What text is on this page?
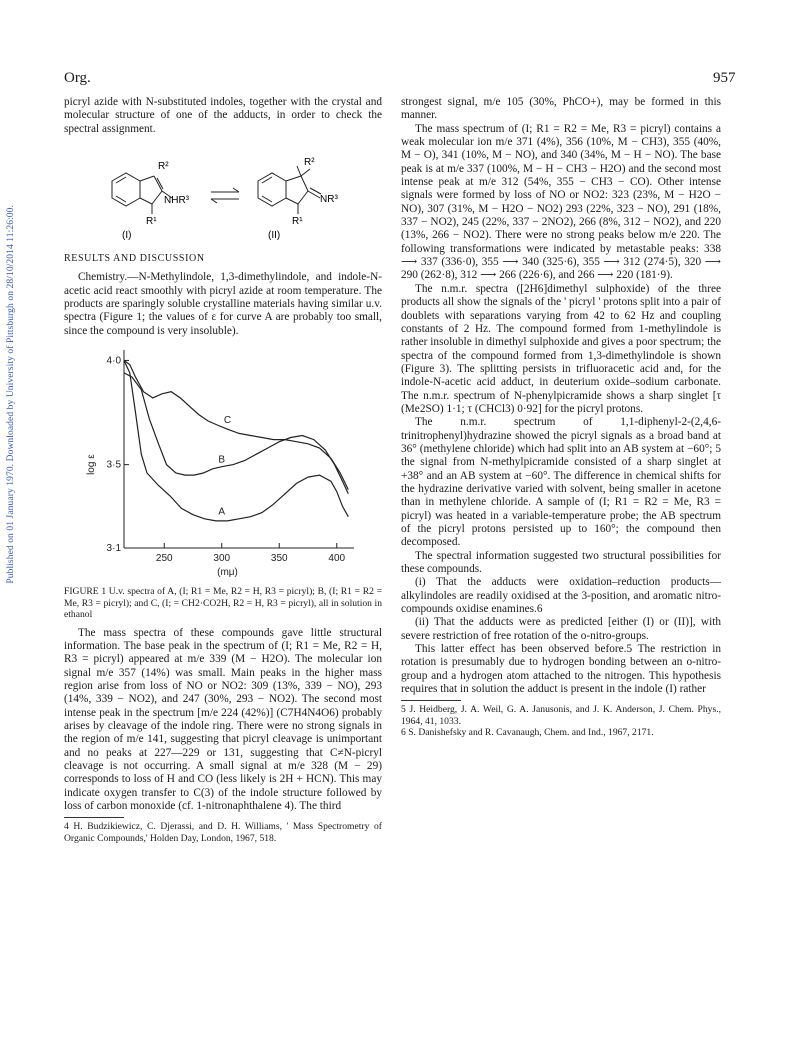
Published on 01 January 1970. Downloaded by University of Pittsburgh on 28/10/2014 11:26:00.
Org.	957

picryl azide with N-substituted indoles, together with the crystal and molecular structure of one of the adducts, in order to check the spectral assignment.

R²
NHR³
R¹
R²
NR³
R¹
(I)	(II)
RESULTS AND DISCUSSION

Chemistry.—N-Methylindole, 1,3-dimethylindole, and indole-N-acetic acid react smoothly with picryl azide at room temperature. The products are sparingly soluble crystalline materials having similar u.v. spectra (Figure 1; the values of ε for curve A are probably too small, since the compound is very insoluble).

250	300	350	400
4·0
3·5
3·1
(mμ)
log ε
A
B
C

FIGURE 1 U.v. spectra of A, (I; R1 = Me, R2 = H, R3 = picryl); B, (I; R1 = R2 = Me, R3 = picryl); and C, (I; = CH2·CO2H, R2 = H, R3 = picryl), all in solution in ethanol

The mass spectra of these compounds gave little structural information. The base peak in the spectrum of (I; R1 = Me, R2 = H, R3 = picryl) appeared at m/e 339 (M − H2O). The molecular ion signal m/e 357 (14%) was small. Main peaks in the higher mass region arise from loss of NO or NO2: 309 (13%, 339 − NO), 293 (14%, 339 − NO2), and 247 (30%, 293 − NO2). The second most intense peak in the spectrum [m/e 224 (42%)] (C7H4N4O6) probably arises by cleavage of the indole ring. There were no strong signals in the region of m/e 141, suggesting that picryl cleavage is unimportant and no peaks at 227—229 or 131, suggesting that C≠N-picryl cleavage is not occurring. A small signal at m/e 328 (M − 29) corresponds to loss of H and CO (less likely is 2H + HCN). This may indicate oxygen transfer to C(3) of the indole structure followed by loss of carbon monoxide (cf. 1-nitronaphthalene 4). The third

4 H. Budzikiewicz, C. Djerassi, and D. H. Williams, ' Mass Spectrometry of Organic Compounds,' Holden Day, London, 1967, 518.

strongest signal, m/e 105 (30%, PhCO+), may be formed in this manner.

The mass spectrum of (I; R1 = R2 = Me, R3 = picryl) contains a weak molecular ion m/e 371 (4%), 356 (10%, M − CH3), 355 (40%, M − O), 341 (10%, M − NO), and 340 (34%, M − H − NO). The base peak is at m/e 337 (100%, M − H − CH3 − H2O) and the second most intense peak at m/e 312 (54%, 355 − CH3 − CO). Other intense signals were formed by loss of NO or NO2: 323 (23%, M − H2O − NO), 307 (31%, M − H2O − NO2) 293 (22%, 323 − NO), 291 (18%, 337 − NO2), 245 (22%, 337 − 2NO2), 266 (8%, 312 − NO2), and 220 (13%, 266 − NO2). There were no strong peaks below m/e 220. The following transformations were indicated by metastable peaks: 338 ⟶ 337 (336·0), 355 ⟶ 340 (325·6), 355 ⟶ 312 (274·5), 320 ⟶ 290 (262·8), 312 ⟶ 266 (226·6), and 266 ⟶ 220 (181·9).

The n.m.r. spectra ([2H6]dimethyl sulphoxide) of the three products all show the signals of the ' picryl ' protons split into a pair of doublets with separations varying from 42 to 62 Hz and coupling constants of 2 Hz. The compound formed from 1-methylindole is rather insoluble in dimethyl sulphoxide and gives a poor spectrum; the spectra of the compound formed from 1,3-dimethylindole is shown (Figure 3). The splitting persists in trifluoracetic acid and, for the indole-N-acetic acid adduct, in deuterium oxide–sodium carbonate. The n.m.r. spectrum of N-phenylpicramide shows a sharp singlet [τ (Me2SO) 1·1; τ (CHCl3) 0·92] for the picryl protons.

The n.m.r. spectrum of 1,1-diphenyl-2-(2,4,6-trinitrophenyl)hydrazine showed the picryl signals as a broad band at 36° (methylene chloride) which had split into an AB system at −60°; 5 the signal from N-methylpicramide consisted of a sharp singlet at +38° and an AB system at −60°. The difference in chemical shifts for the hydrazine derivative varied with solvent, being smaller in acetone than in methylene chloride. A sample of (I; R1 = R2 = Me, R3 = picryl) was heated in a variable-temperature probe; the AB spectrum of the picryl protons persisted up to 160°; the compound then decomposed.

The spectral information suggested two structural possibilities for these compounds.

(i) That the adducts were oxidation–reduction products—alkylindoles are readily oxidised at the 3-position, and aromatic nitro-compounds oxidise enamines.6

(ii) That the adducts were as predicted [either (I) or (II)], with severe restriction of free rotation of the o-nitro-groups.

This latter effect has been observed before.5 The restriction in rotation is presumably due to hydrogen bonding between an o-nitro-group and a hydrogen atom attached to the nitrogen. This hypothesis requires that in solution the adduct is present in the indole (I) rather

5 J. Heidberg, J. A. Weil, G. A. Janusonis, and J. K. Anderson, J. Chem. Phys., 1964, 41, 1033.

6 S. Danishefsky and R. Cavanaugh, Chem. and Ind., 1967, 2171.
